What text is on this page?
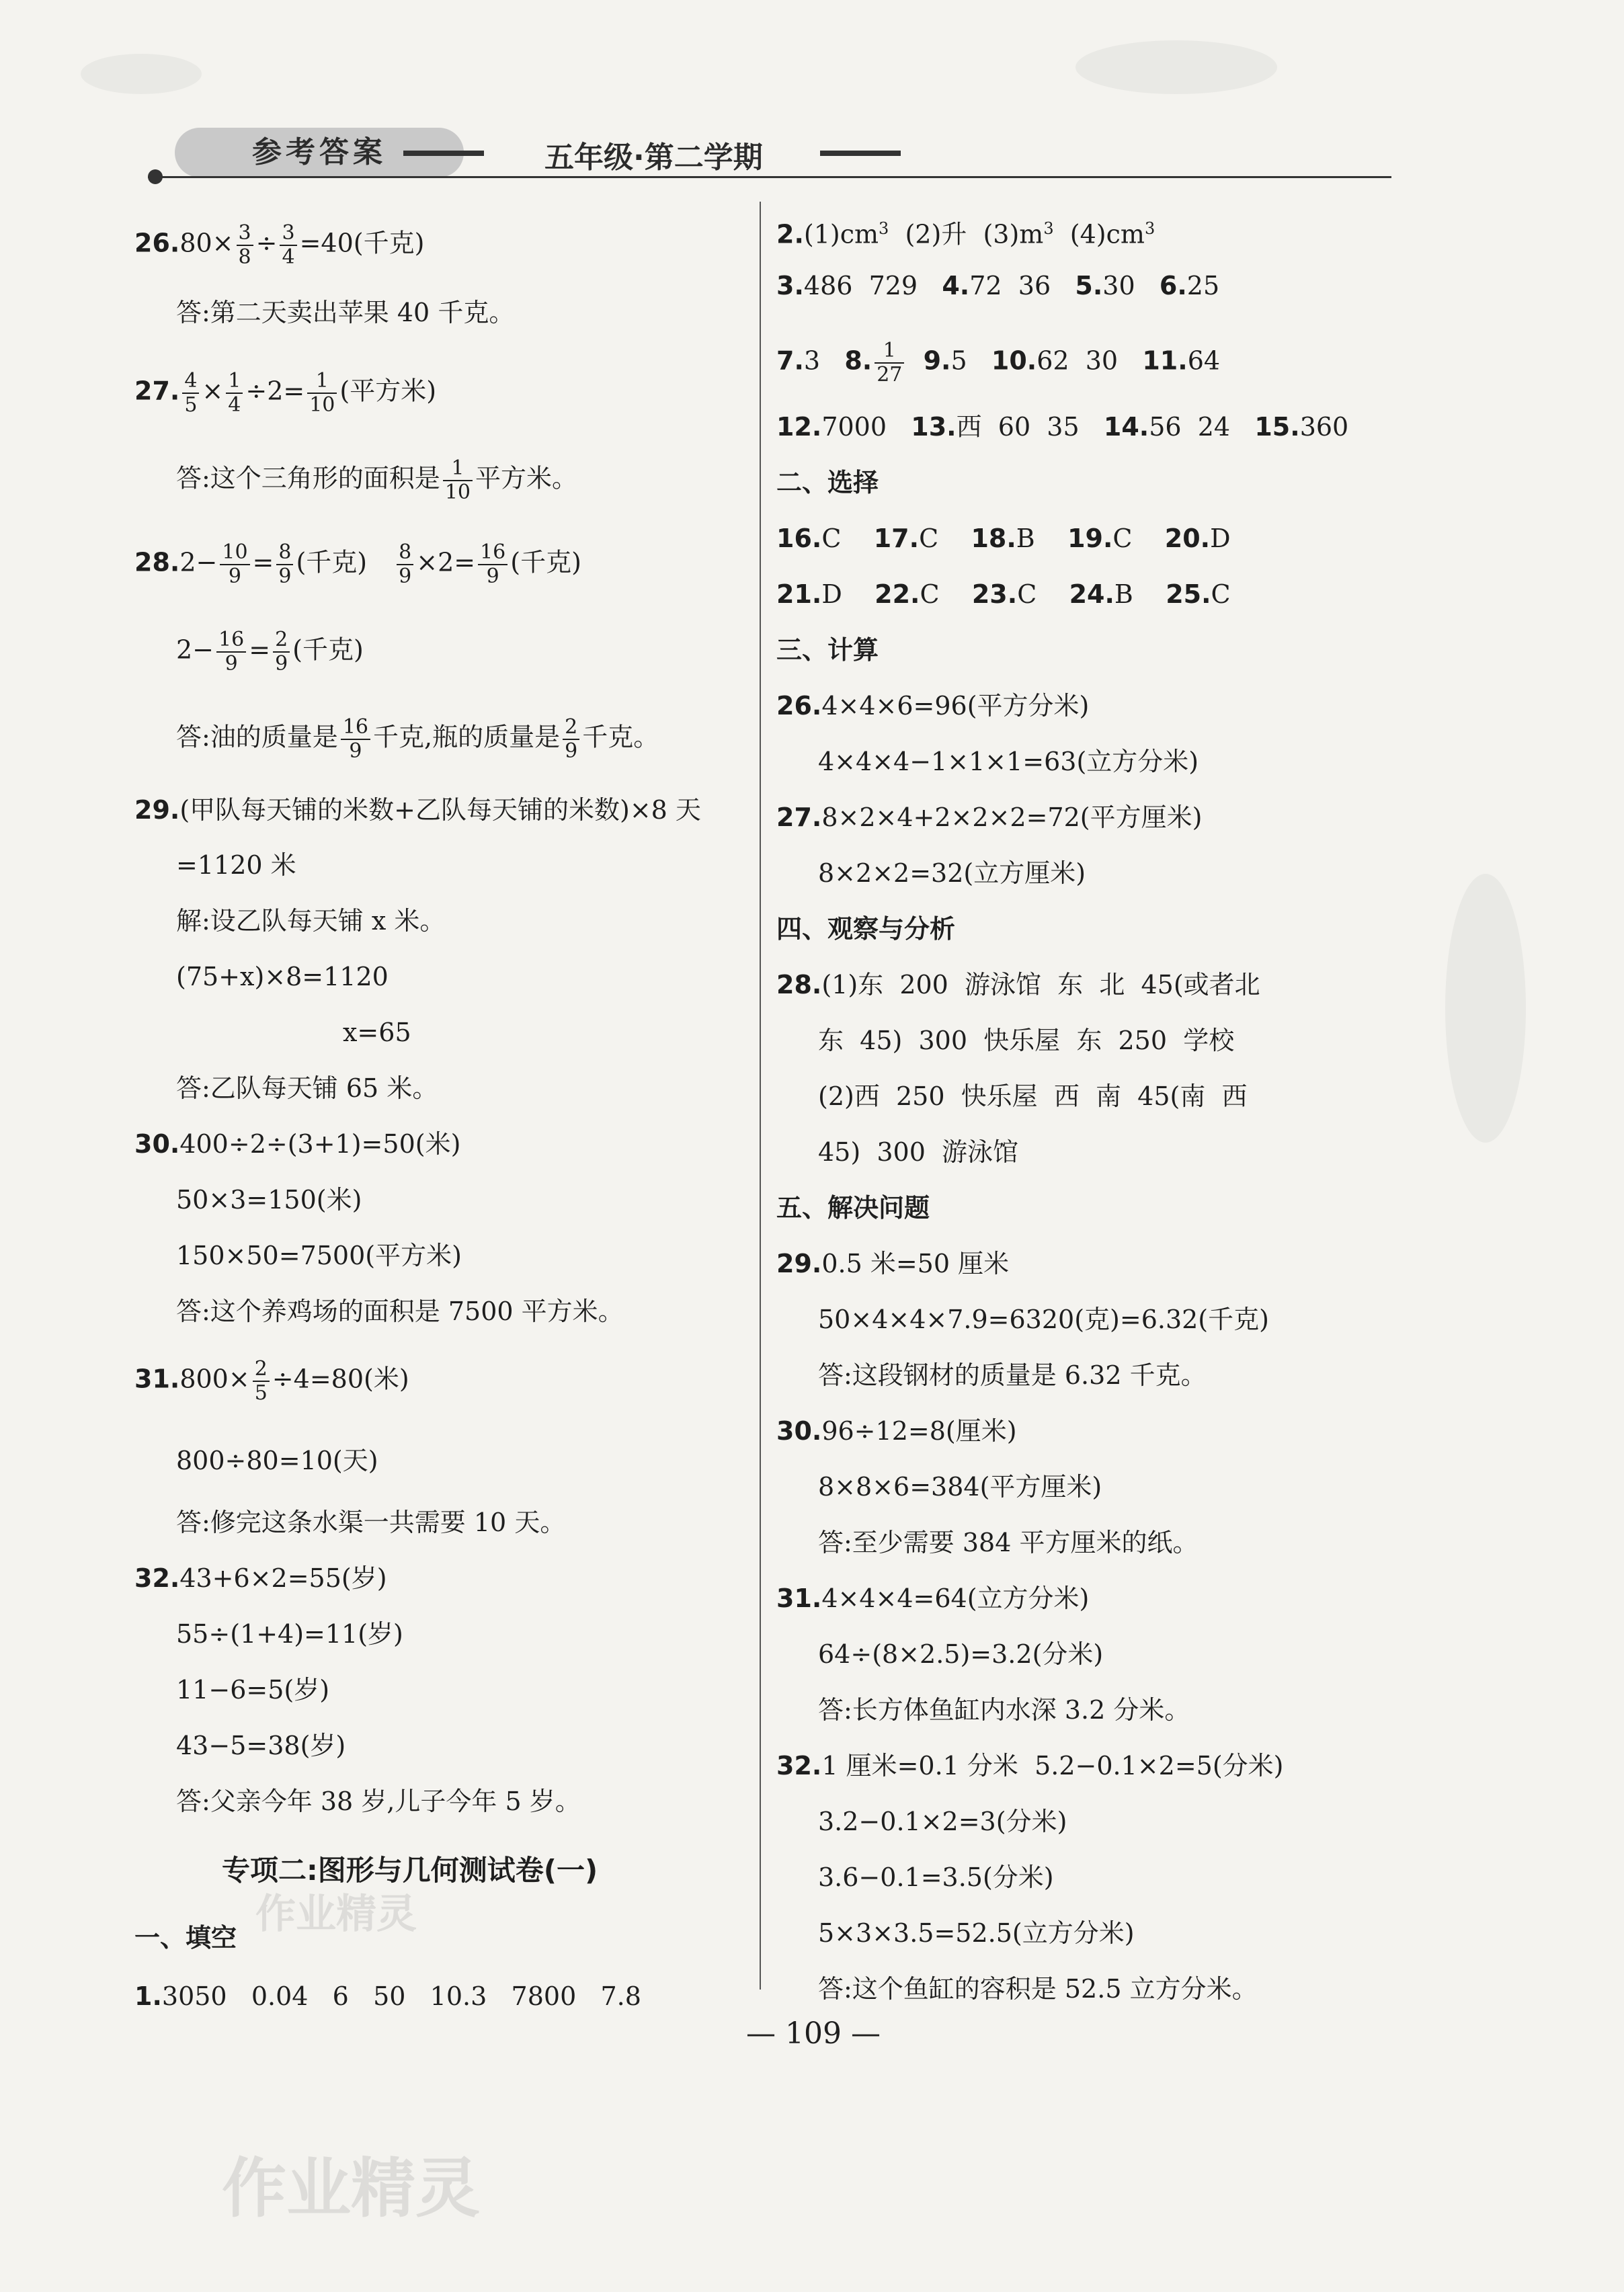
参考答案	五年级·第二学期
$26.80\times \frac{3}{8} \div \frac{3}{4} =40$(千克)
答:第二天卖出苹果 40 千克。
27. $\frac{4}{5} \times \frac{1}{4} \div 2= \frac{1}{10}$ (平方米)
答:这个三角形的面积是 $\frac{1}{10}$ 平方米。
$28.2- \frac{10}{9} = \frac{8}{9}$ (千克) $\frac{8}{9} \times 2= \frac{16}{9}$ (千克)
$2- \frac{16}{9} = \frac{2}{9}$ (千克)
答:油的质量是 $\frac{16}{9}$ 千克,瓶的质量是 $\frac{2}{9}$ 千克。
29.(甲队每天铺的米数+乙队每天铺的米数)×8 天
=1120 米
解:设乙队每天铺 x 米。
(75+x)×8=1120
x=65
答:乙队每天铺 65 米。
30.400÷2÷(3+1)=50(米)
50×3=150(米)
150×50=7500(平方米)
答:这个养鸡场的面积是 7500 平方米。
$31.800\times \frac{2}{5} \div 4=80$(米)
800÷80=10(天)
答:修完这条水渠一共需要 10 天。
32.43+6×2=55(岁)
55÷(1+4)=11(岁)
11−6=5(岁)
43−5=38(岁)
答:父亲今年 38 岁,儿子今年 5 岁。
专项二:图形与几何测试卷(一)
一、填空
1.3050   0.04   6   50   10.3   7800   7.8
$2.(1)cm^3$  (2)升  $(3)m^3$  $(4)cm^3$
3.486  729 4.72  36 5.30 6.25
7.3 8. $\frac{1}{27} 9.5$ 10.62  30 11.64
12.7000 13.西  60  35 14.56  24 15.360
二、选择
16.C 17.C 18.B 19.C 20.D
21.D 22.C 23.C 24.B 25.C
三、计算
26.4×4×6=96(平方分米)
4×4×4−1×1×1=63(立方分米)
27.8×2×4+2×2×2=72(平方厘米)
8×2×2=32(立方厘米)
四、观察与分析
28.(1)东  200  游泳馆  东  北  45(或者北
东  45)  300  快乐屋  东  250  学校
(2)西  250  快乐屋  西  南  45(南  西
45)  300  游泳馆
五、解决问题
29.0.5 米=50 厘米
50×4×4×7.9=6320(克)=6.32(千克)
答:这段钢材的质量是 6.32 千克。
30.96÷12=8(厘米)
8×8×6=384(平方厘米)
答:至少需要 384 平方厘米的纸。
31.4×4×4=64(立方分米)
64÷(8×2.5)=3.2(分米)
答:长方体鱼缸内水深 3.2 分米。
32.1 厘米=0.1 分米  5.2−0.1×2=5(分米)
3.2−0.1×2=3(分米)
3.6−0.1=3.5(分米)
5×3×3.5=52.5(立方分米)
答:这个鱼缸的容积是 52.5 立方分米。
— 109 —
作业精灵
作业精灵
